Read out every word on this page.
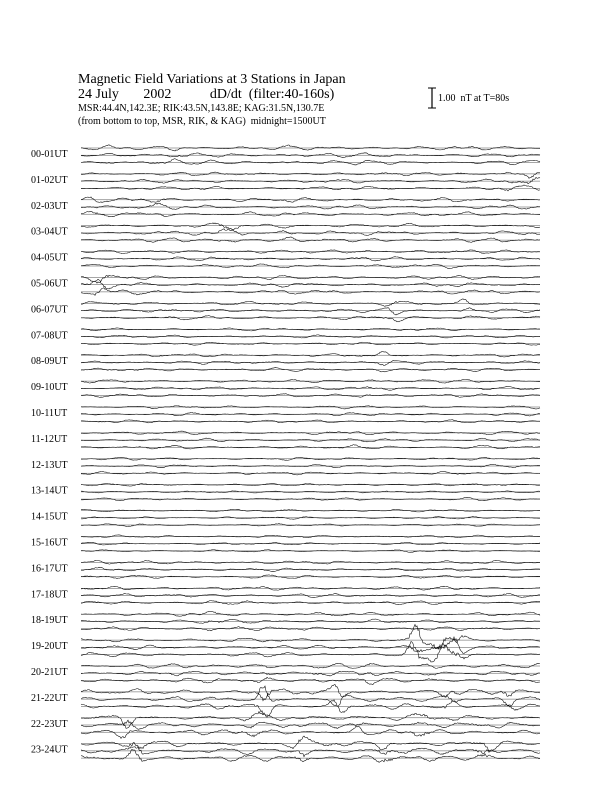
Magnetic Field Variations at 3 Stations in Japan
24 July 2002	dD/dt (filter:40-160s)
MSR:44.4N,142.3E; RIK:43.5N,143.8E; KAG:31.5N,130.7E
(from bottom to top, MSR, RIK, & KAG) midnight=1500UT
1.00  nT at T=80s
00-01UT
01-02UT
02-03UT
03-04UT
04-05UT
05-06UT
06-07UT
07-08UT
08-09UT
09-10UT
10-11UT
11-12UT
12-13UT
13-14UT
14-15UT
15-16UT
16-17UT
17-18UT
18-19UT
19-20UT
20-21UT
21-22UT
22-23UT
23-24UT
